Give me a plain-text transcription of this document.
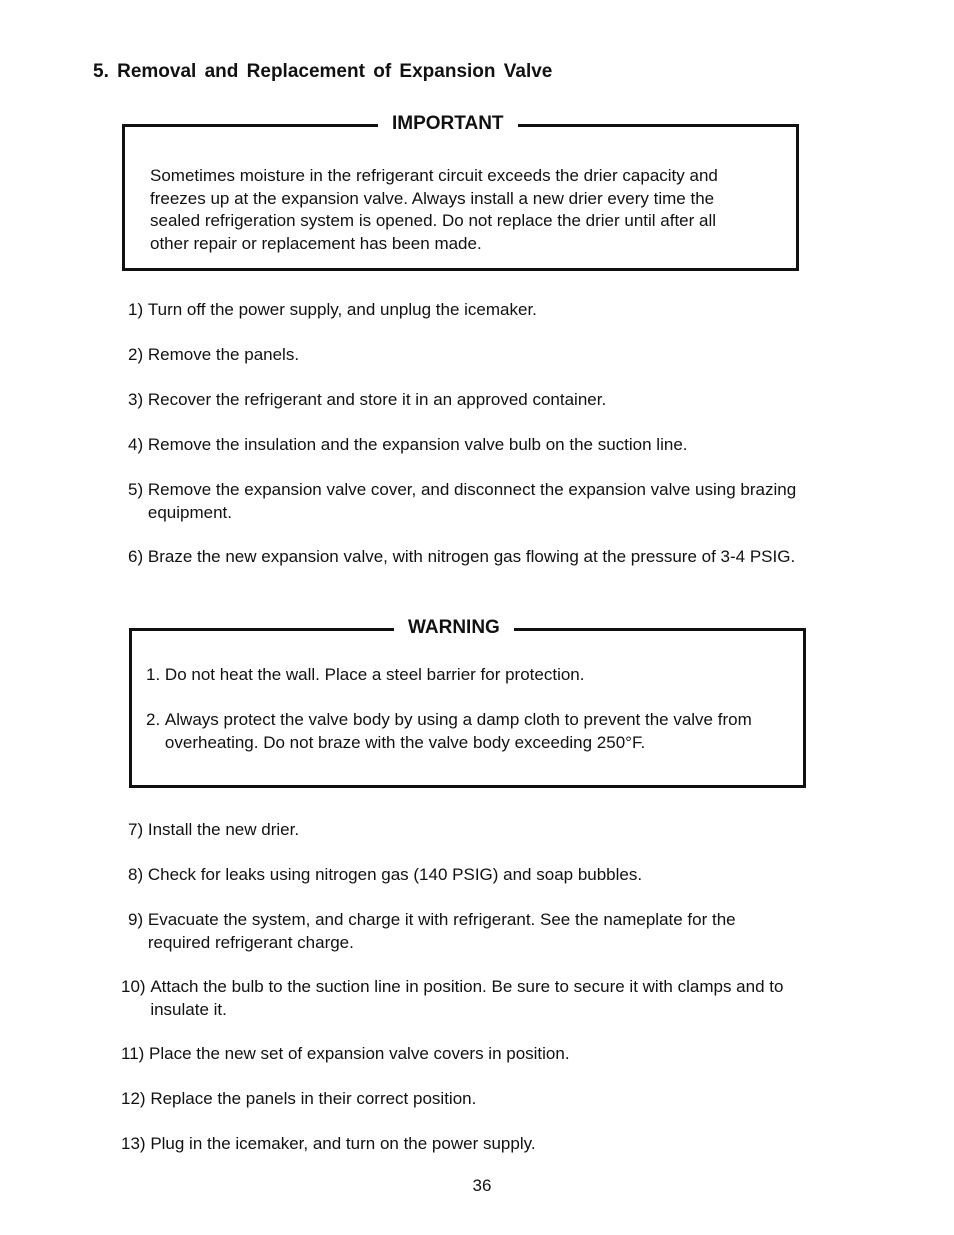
5. Removal and Replacement of Expansion Valve
IMPORTANT

Sometimes moisture in the refrigerant circuit exceeds the drier capacity and freezes up at the expansion valve. Always install a new drier every time the sealed refrigeration system is opened. Do not replace the drier until after all other repair or replacement has been made.

1)
Turn off the power supply, and unplug the icemaker.
2)
Remove the panels.
3)
Recover the refrigerant and store it in an approved container.
4)
Remove the insulation and the expansion valve bulb on the suction line.
5)
Remove the expansion valve cover, and disconnect the expansion valve using brazing equipment.
6)
Braze the new expansion valve, with nitrogen gas flowing at the pressure of 3-4 PSIG.
WARNING
1.
Do not heat the wall. Place a steel barrier for protection.
2.
Always protect the valve body by using a damp cloth to prevent the valve from overheating. Do not braze with the valve body exceeding 250°F.
7)
Install the new drier.
8)
Check for leaks using nitrogen gas (140 PSIG) and soap bubbles.
9)
Evacuate the system, and charge it with refrigerant. See the nameplate for the required refrigerant charge.
10)
Attach the bulb to the suction line in position. Be sure to secure it with clamps and to insulate it.
11)
Place the new set of expansion valve covers in position.
12)
Replace the panels in their correct position.
13)
Plug in the icemaker, and turn on the power supply.
36
